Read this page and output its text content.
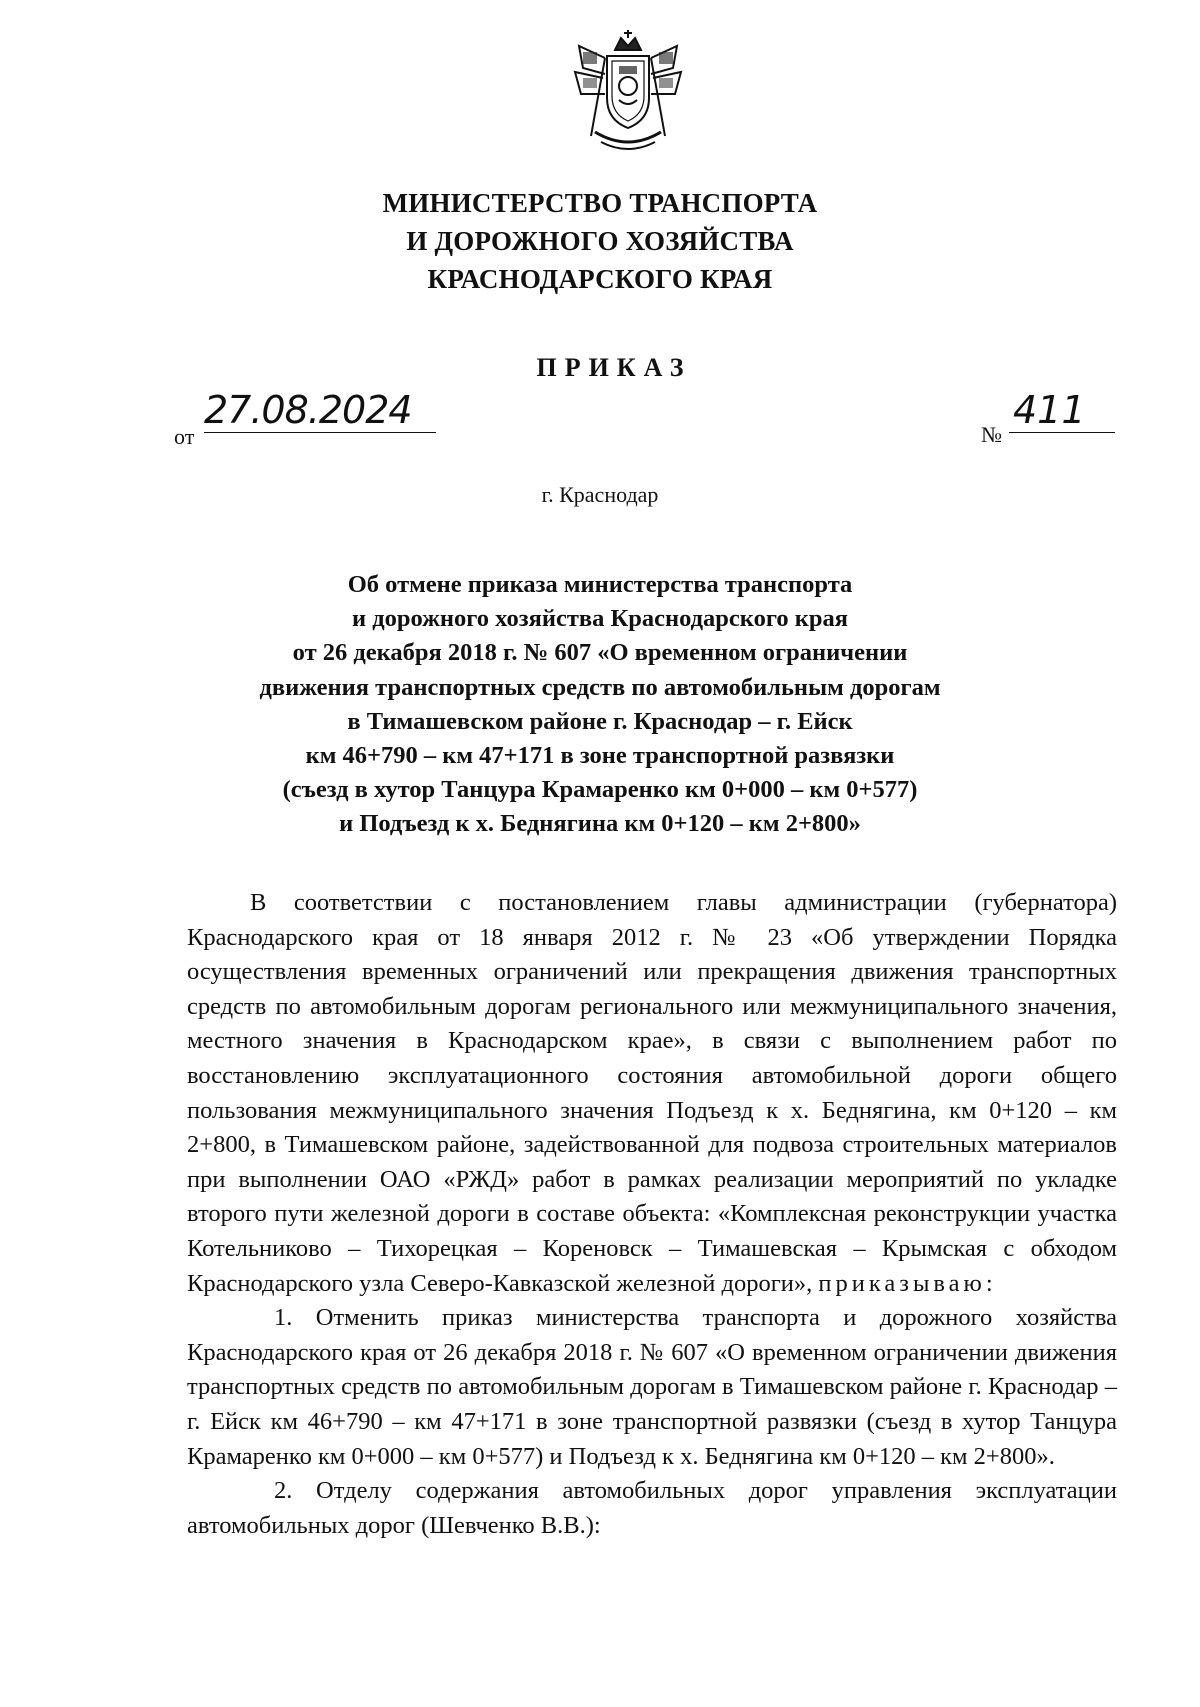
МИНИСТЕРСТВО ТРАНСПОРТА
И ДОРОЖНОГО ХОЗЯЙСТВА
КРАСНОДАРСКОГО КРАЯ
ПРИКАЗ
от
27.08.2024
№
411
г. Краснодар
Об отмене приказа министерства транспорта
и дорожного хозяйства Краснодарского края
от 26 декабря 2018 г. № 607 «О временном ограничении
движения транспортных средств по автомобильным дорогам
в Тимашевском районе г. Краснодар – г. Ейск
км 46+790 – км 47+171 в зоне транспортной развязки
(съезд в хутор Танцура Крамаренко км 0+000 – км 0+577)
и Подъезд к х. Беднягина км 0+120 – км 2+800»

В соответствии с постановлением главы администрации (губернатора) Краснодарского края от 18 января 2012 г. № 23 «Об утверждении Порядка осуществления временных ограничений или прекращения движения транспортных средств по автомобильным дорогам регионального или межмуниципального значения, местного значения в Краснодарском крае», в связи с выполнением работ по восстановлению эксплуатационного состояния автомобильной дороги общего пользования межмуниципального значения Подъезд к х. Беднягина, км 0+120 – км 2+800, в Тимашевском районе, задействованной для подвоза строительных материалов при выполнении ОАО «РЖД» работ в рамках реализации мероприятий по укладке второго пути железной дороги в составе объекта: «Комплексная реконструкции участка Котельниково – Тихорецкая – Кореновск – Тимашевская – Крымская с обходом Краснодарского узла Северо-Кавказской железной дороги», приказываю:

1. Отменить приказ министерства транспорта и дорожного хозяйства Краснодарского края от 26 декабря 2018 г. № 607 «О временном ограничении движения транспортных средств по автомобильным дорогам в Тимашевском районе г. Краснодар – г. Ейск км 46+790 – км 47+171 в зоне транспортной развязки (съезд в хутор Танцура Крамаренко км 0+000 – км 0+577) и Подъезд к х. Беднягина км 0+120 – км 2+800».

2. Отделу содержания автомобильных дорог управления эксплуатации автомобильных дорог (Шевченко В.В.):
